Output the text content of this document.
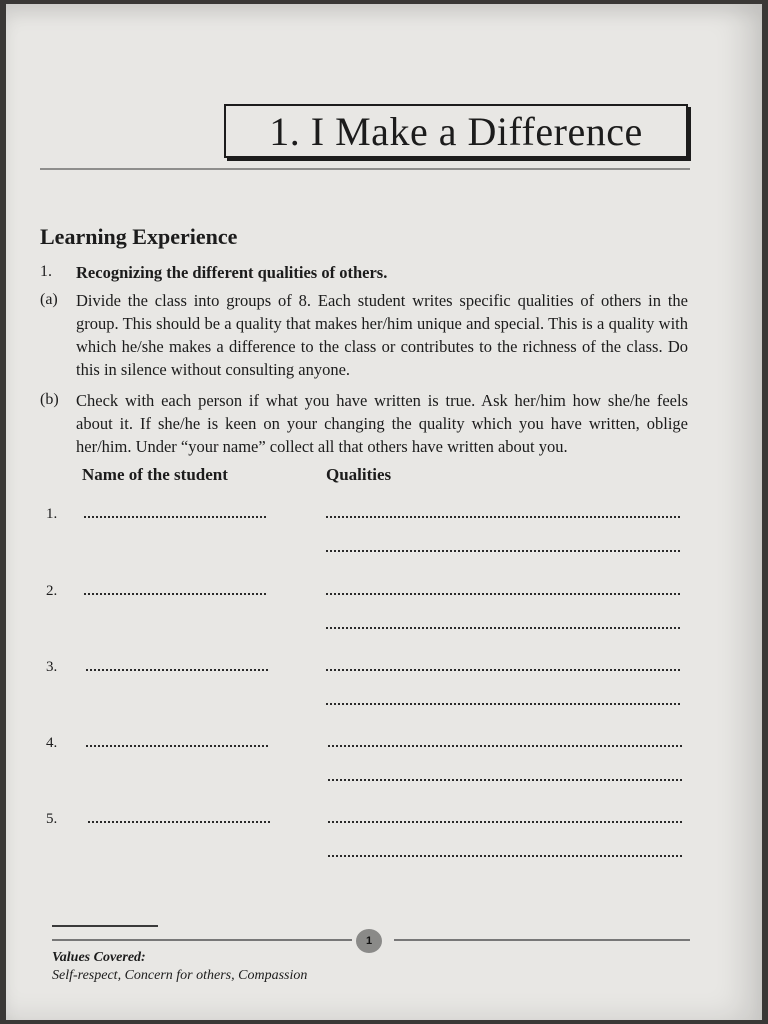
1. I Make a Difference
Learning Experience
1. Recognizing the different qualities of others.
(a) Divide the class into groups of 8. Each student writes specific qualities of others in the group. This should be a quality that makes her/him unique and special. This is a quality with which he/she makes a difference to the class or contributes to the richness of the class. Do this in silence without consulting anyone.
(b) Check with each person if what you have written is true. Ask her/him how she/he feels about it. If she/he is keen on your changing the quality which you have written, oblige her/him. Under “your name” collect all that others have written about you.
Name of the student	Qualities
1.
2.
3.
4.
5.
1
Values Covered:
Self-respect, Concern for others, Compassion
